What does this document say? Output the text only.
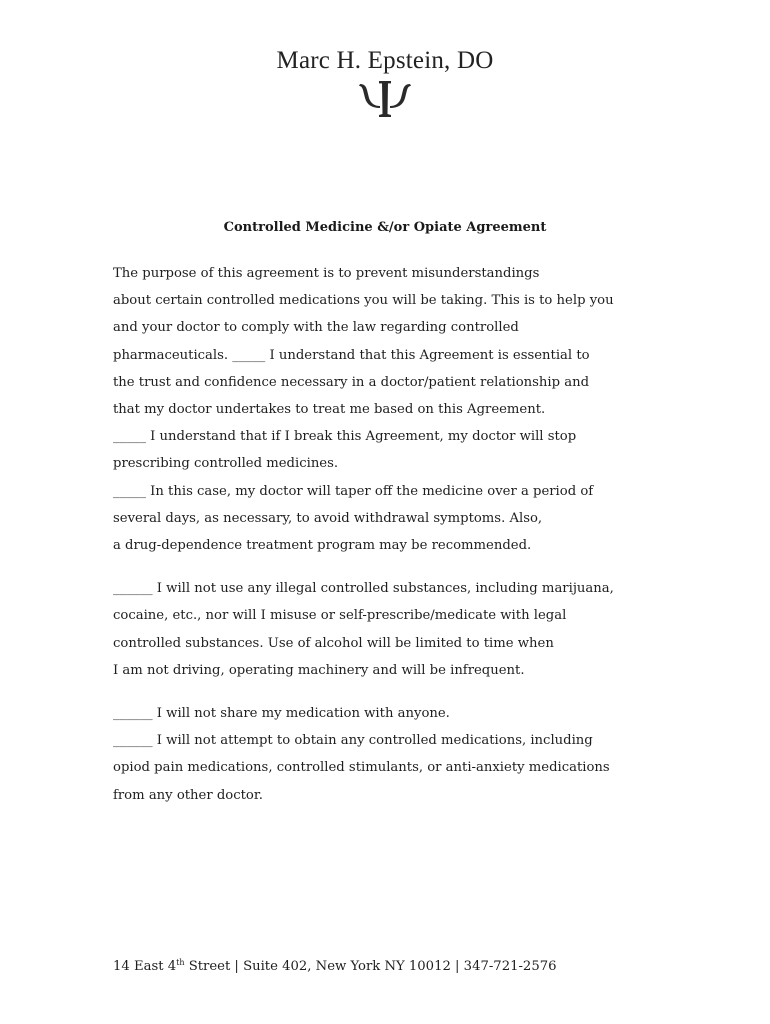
Marc H. Epstein, DO
Controlled Medicine &/or Opiate Agreement
The purpose of this agreement is to prevent misunderstandings
about certain controlled medications you will be taking. This is to help you
and your doctor to comply with the law regarding controlled
pharmaceuticals. _____ I understand that this Agreement is essential to
the trust and confidence necessary in a doctor/patient relationship and
that my doctor undertakes to treat me based on this Agreement.
_____ I understand that if I break this Agreement, my doctor will stop
prescribing controlled medicines.
_____ In this case, my doctor will taper off the medicine over a period of
several days, as necessary, to avoid withdrawal symptoms. Also,
a drug-dependence treatment program may be recommended.
______ I will not use any illegal controlled substances, including marijuana,
cocaine, etc., nor will I misuse or self-prescribe/medicate with legal
controlled substances. Use of alcohol will be limited to time when
I am not driving, operating machinery and will be infrequent.
______ I will not share my medication with anyone.
______ I will not attempt to obtain any controlled medications, including
opiod pain medications, controlled stimulants, or anti-anxiety medications
from any other doctor.
14 East 4th Street | Suite 402, New York NY 10012 | 347-721-2576
